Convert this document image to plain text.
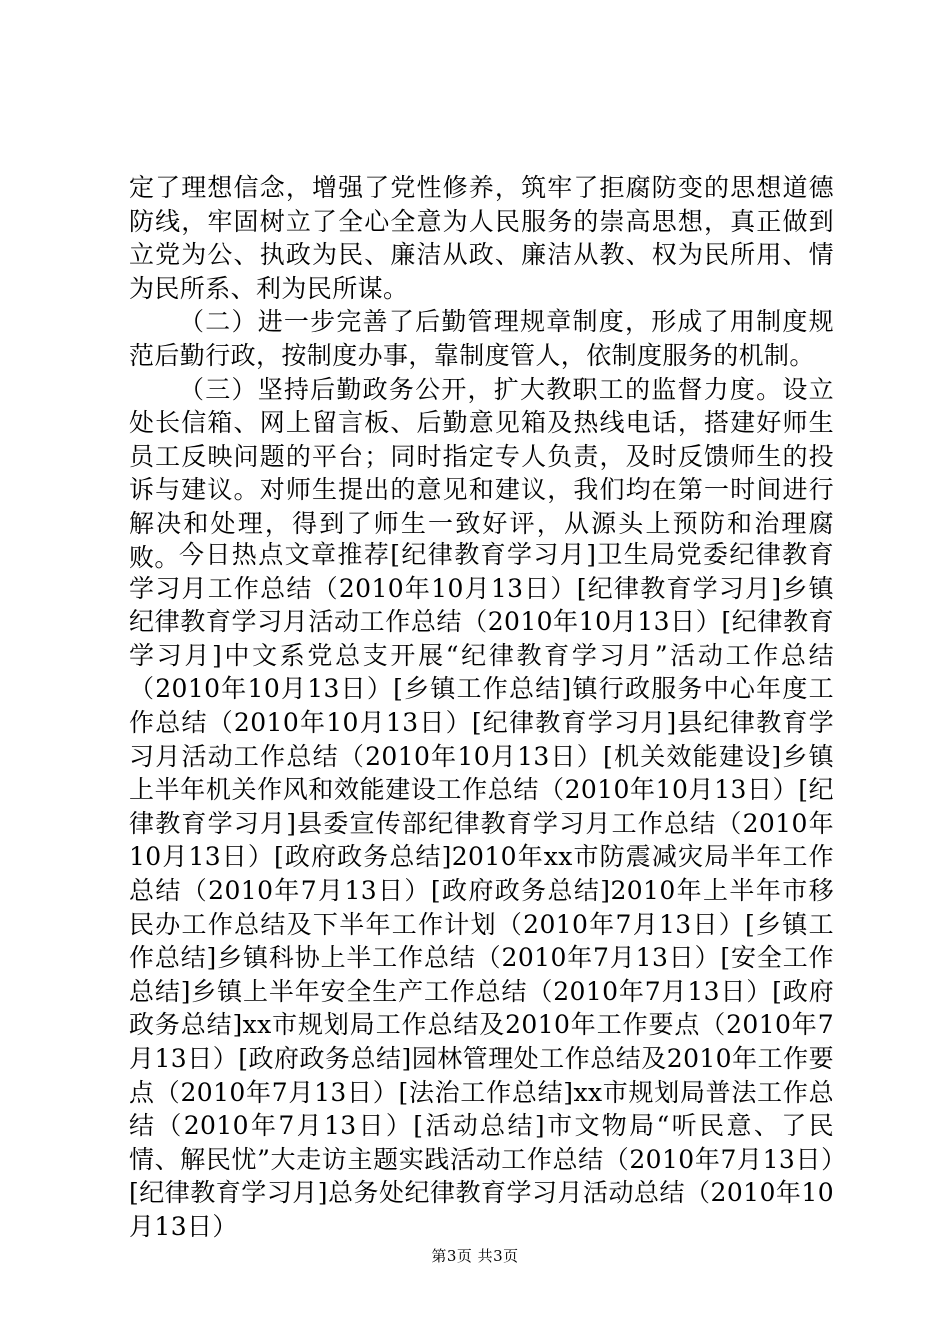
定了理想信念，增强了党性修养，筑牢了拒腐防变的思想道德防线，牢固树立了全心全意为人民服务的崇高思想，真正做到立党为公、执政为民、廉洁从政、廉洁从教、权为民所用、情为民所系、利为民所谋。

（二）进一步完善了后勤管理规章制度，形成了用制度规范后勤行政，按制度办事，靠制度管人，依制度服务的机制。

（三）坚持后勤政务公开，扩大教职工的监督力度。设立处长信箱、网上留言板、后勤意见箱及热线电话，搭建好师生员工反映问题的平台；同时指定专人负责，及时反馈师生的投诉与建议。对师生提出的意见和建议，我们均在第一时间进行解决和处理，得到了师生一致好评，从源头上预防和治理腐败。 今日热点文章推荐[纪律教育学习月]卫生局党委纪律教育学习月工作总结（2010年10月13日）[纪律教育学习月]乡镇纪律教育学习月活动工作总结（2010年10月13日）[纪律教育学习月]中文系党总支开展“纪律教育学习月”活动工作总结（2010年10月13日）[乡镇工作总结]镇行政服务中心年度工作总结（2010年10月13日）[纪律教育学习月]县纪律教育学习月活动工作总结（2010年10月13日）[机关效能建设]乡镇上半年机关作风和效能建设工作总结（2010年10月13日）[纪律教育学习月]县委宣传部纪律教育学习月工作总结（2010年10月13日）[政府政务总结]2010年xx市防震减灾局半年工作总结（2010年7月13日）[政府政务总结]2010年上半年市移民办工作总结及下半年工作计划（2010年7月13日）[乡镇工作总结]乡镇科协上半工作总结（2010年7月13日）[安全工作总结]乡镇上半年安全生产工作总结（2010年7月13日）[政府政务总结]xx市规划局工作总结及2010年工作要点（2010年7月13日）[政府政务总结]园林管理处工作总结及2010年工作要点（2010年7月13日）[法治工作总结]xx市规划局普法工作总结（2010年7月13日）[活动总结]市文物局“听民意、了民情、解民忧”大走访主题实践活动工作总结（2010年7月13日）[纪律教育学习月]总务处纪律教育学习月活动总结（2010年10月13日）

第3页 共3页
